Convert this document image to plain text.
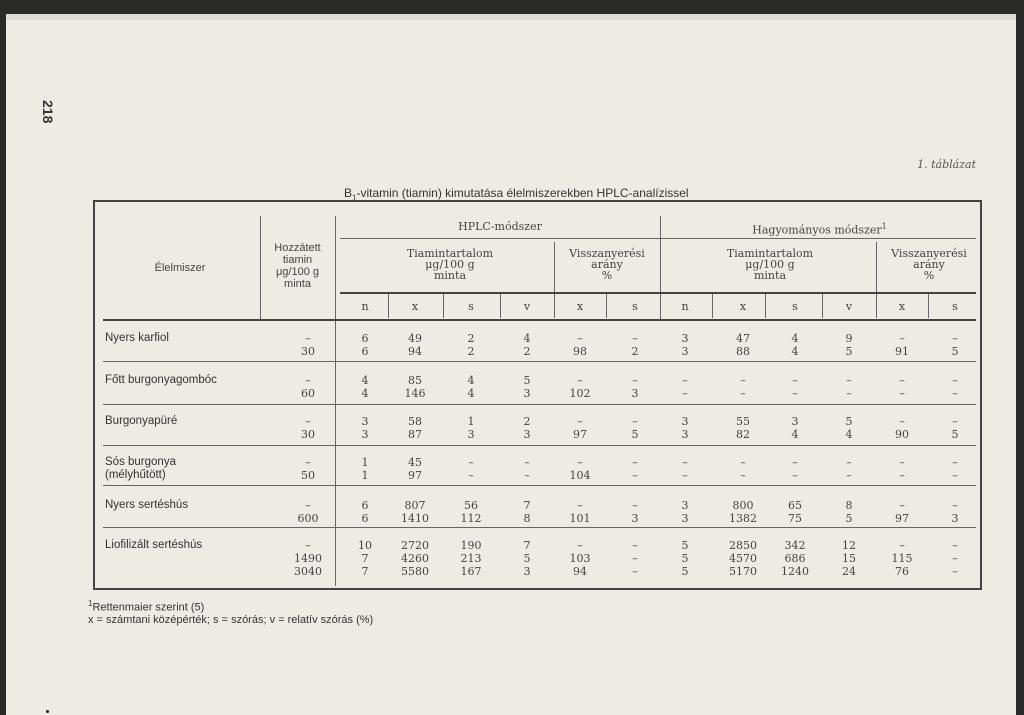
218
1. táblázat
$B_1$-vitamin (tiamin) kimutatása élelmiszerekben HPLC-analízissel
Élelmiszer
Hozzátett
tiamin
μg/100 g
minta
HPLC-módszer	Hagyományos módszer$^1$
Tiamintartalom
μg/100 g
minta
Visszanyerési
arány
%
Tiamintartalom
μg/100 g
minta
Visszanyerési
arány
%
n	x	s	v	x	s	n	x	s	v	x	s
Nyers karfiol	–	6	49	2	4	–	–	3	47	4	9	–	–
30	6	94	2	2	98	2	3	88	4	5	91	5
Főtt burgonyagombóc	–	4	85	4	5	–	–	–	–	–	–	–	–
60	4	146	4	3	102	3	–	–	–	–	–	–
Burgonyapüré	–	3	58	1	2	–	–	3	55	3	5	–	–
30	3	87	3	3	97	5	3	82	4	4	90	5
Sós burgonya
(mélyhűtött)
–	1	45	–	–	–	–	–	–	–	–	–	–
50	1	97	–	–	104	–	–	–	–	–	–	–
Nyers sertéshús	–	6	807	56	7	–	–	3	800	65	8	–	–
600	6	1410	112	8	101	3	3	1382	75	5	97	3
Liofilizált sertéshús	–	10	2720	190	7	–	–	5	2850	342	12	–	–
1490	7	4260	213	5	103	–	5	4570	686	15	115	–
3040	7	5580	167	3	94	–	5	5170	1240	24	76	–
$^1$Rettenmaier szerint (5)
x = számtani középérték; s = szórás; v = relatív szórás (%)
